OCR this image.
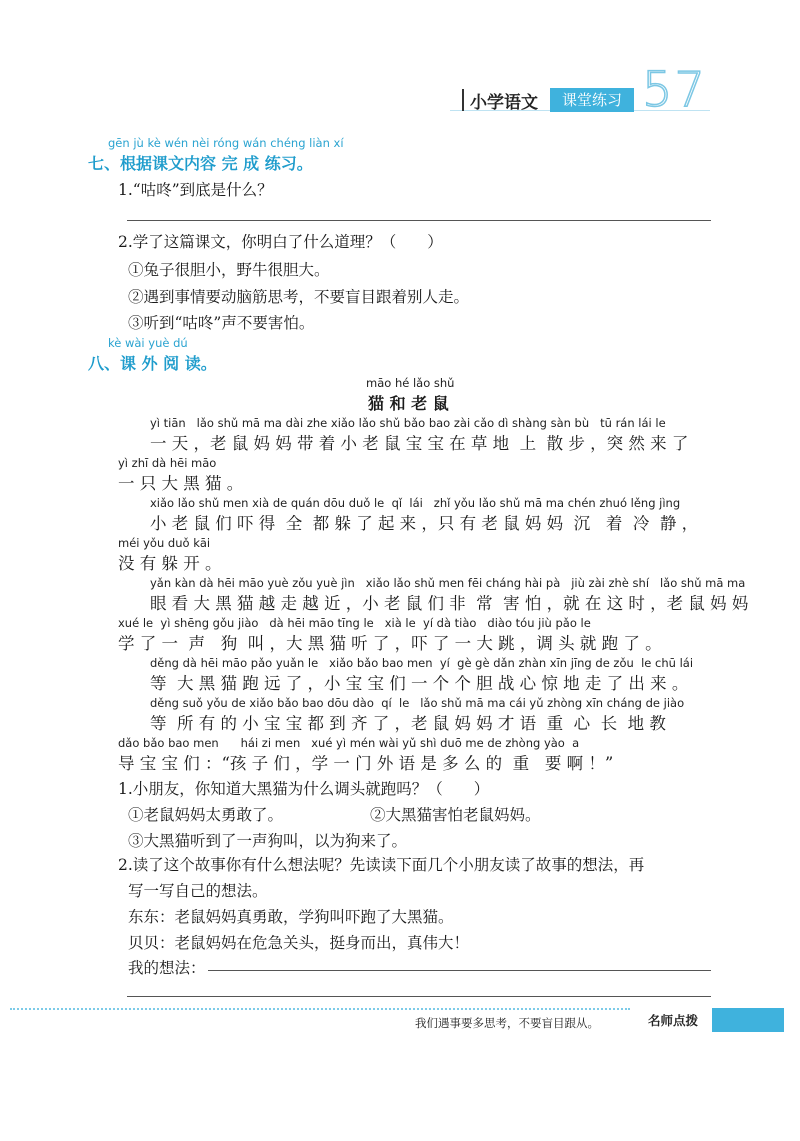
小学语文	课堂练习 57
gēn jù kè wén nèi róng wán chéng liàn xí
七、根据课文内容 完 成 练习。
1.“咕咚”到底是什么？
2.学了这篇课文，你明白了什么道理？（　　）
①兔子很胆小，野牛很胆大。
②遇到事情要动脑筋思考，不要盲目跟着别人走。
③听到“咕咚”声不要害怕。
kè wài yuè dú
八、课 外 阅 读。
māo hé lǎo shǔ
猫 和 老 鼠
yì tiān   lǎo shǔ mā ma dài zhe xiǎo lǎo shǔ bǎo bao zài cǎo dì shàng sàn bù   tū rán lái le
一 天 ，老 鼠 妈 妈 带 着 小 老 鼠 宝 宝 在 草 地  上  散 步 ，突 然 来 了
yì zhī dà hēi māo
一 只 大 黑 猫 。
xiǎo lǎo shǔ men xià de quán dōu duǒ le  qǐ  lái   zhǐ yǒu lǎo shǔ mā ma chén zhuó lěng jìng
小 老 鼠 们 吓 得  全  都 躲 了 起 来 ，只 有 老 鼠 妈 妈  沉   着  冷  静 ，
méi yǒu duǒ kāi
没 有 躲 开 。
yǎn kàn dà hēi māo yuè zǒu yuè jìn   xiǎo lǎo shǔ men fēi cháng hài pà   jiù zài zhè shí   lǎo shǔ mā ma
眼 看 大 黑 猫 越 走 越 近 ，小 老 鼠 们 非  常  害 怕 ，就 在 这 时 ，老 鼠 妈 妈
xué le  yì shēng gǒu jiào   dà hēi māo tīng le   xià le  yí dà tiào   diào tóu jiù pǎo le
学 了 一  声   狗  叫 ，大 黑 猫 听 了 ，吓 了 一 大 跳 ，调 头 就 跑 了 。
děng dà hēi māo pǎo yuǎn le   xiǎo bǎo bao men  yí  gè gè dǎn zhàn xīn jīng de zǒu  le chū lái
等  大 黑 猫 跑 远 了 ，小 宝 宝 们 一 个 个 胆 战 心 惊 地 走 了 出 来 。
děng suǒ yǒu de xiǎo bǎo bao dōu dào  qí  le   lǎo shǔ mā ma cái yǔ zhòng xīn cháng de jiào
等  所 有 的 小 宝 宝 都 到 齐 了 ，老 鼠 妈 妈 才 语  重  心  长  地 教
dǎo bǎo bao men      hái zi men   xué yì mén wài yǔ shì duō me de zhòng yào  a
导 宝 宝 们 ：“孩 子 们 ，学 一 门 外 语 是 多 么 的  重   要 啊 ！”
1.小朋友，你知道大黑猫为什么调头就跑吗？（　　）
①老鼠妈妈太勇敢了。	②大黑猫害怕老鼠妈妈。
③大黑猫听到了一声狗叫，以为狗来了。
2.读了这个故事你有什么想法呢？先读读下面几个小朋友读了故事的想法，再
写一写自己的想法。
东东：老鼠妈妈真勇敢，学狗叫吓跑了大黑猫。
贝贝：老鼠妈妈在危急关头，挺身而出，真伟大！
我的想法：
我们遇事要多思考，不要盲目跟从。	名师点拨
